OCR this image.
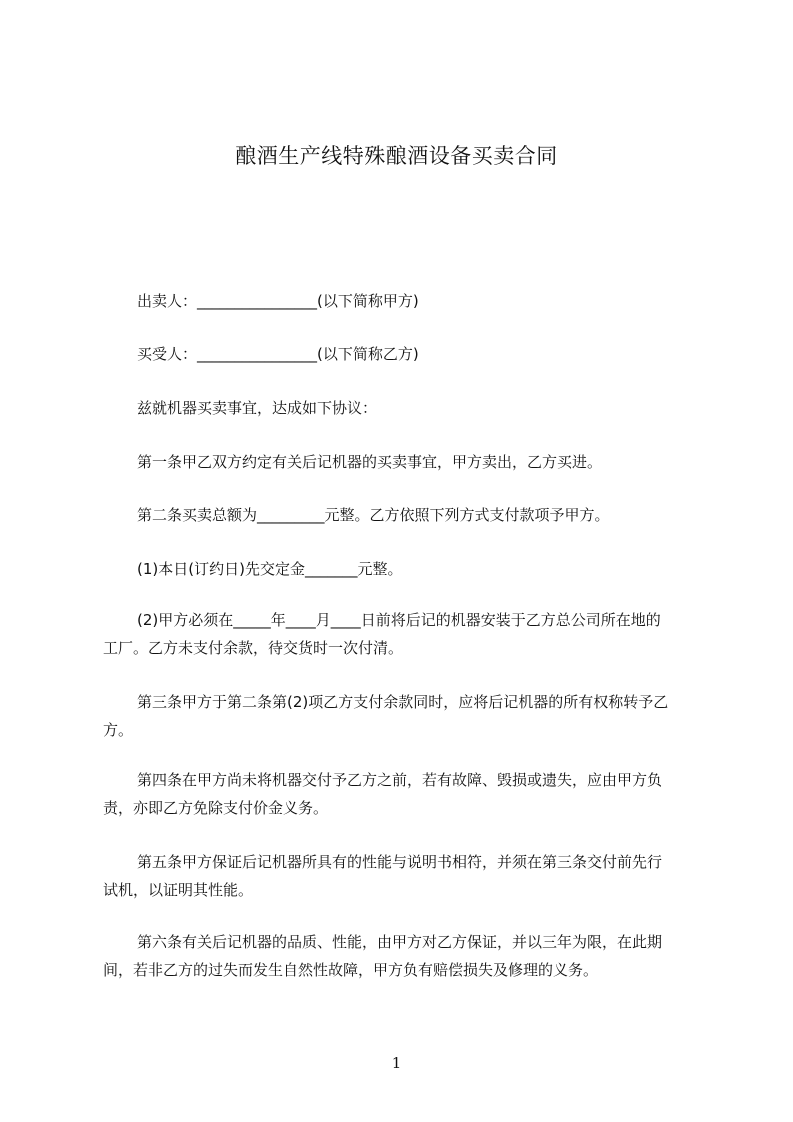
酿酒生产线特殊酿酒设备买卖合同
出卖人：________________(以下简称甲方)
买受人：________________(以下简称乙方)
兹就机器买卖事宜，达成如下协议：
第一条甲乙双方约定有关后记机器的买卖事宜，甲方卖出，乙方买进。
第二条买卖总额为_________元整。乙方依照下列方式支付款项予甲方。
(1)本日(订约日)先交定金_______元整。
(2)甲方必须在_____年____月____日前将后记的机器安装于乙方总公司所在地的
工厂。乙方未支付余款，待交货时一次付清。
第三条甲方于第二条第(2)项乙方支付余款同时，应将后记机器的所有权称转予乙
方。
第四条在甲方尚未将机器交付予乙方之前，若有故障、毁损或遗失，应由甲方负
责，亦即乙方免除支付价金义务。
第五条甲方保证后记机器所具有的性能与说明书相符，并须在第三条交付前先行
试机，以证明其性能。
第六条有关后记机器的品质、性能，由甲方对乙方保证，并以三年为限，在此期
间，若非乙方的过失而发生自然性故障，甲方负有赔偿损失及修理的义务。
1
